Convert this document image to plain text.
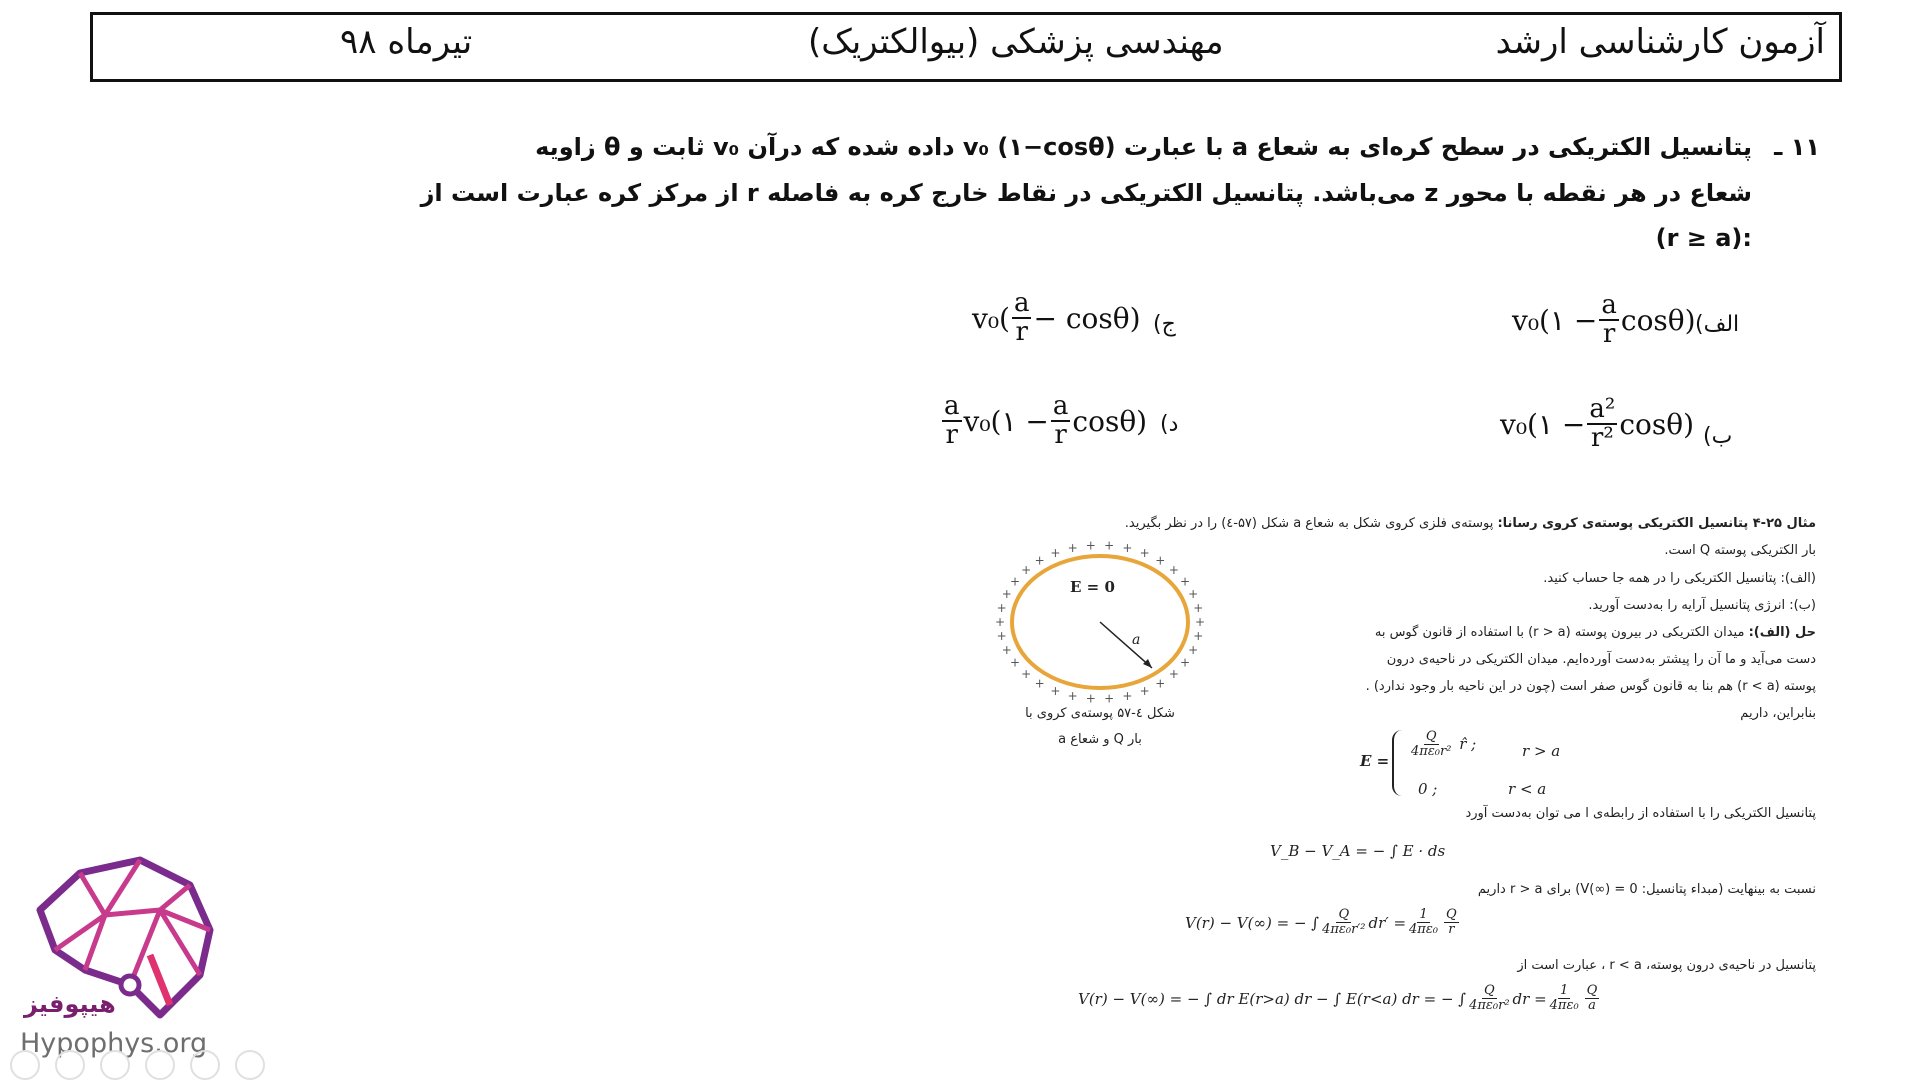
تیرماه ۹۸	مهندسی پزشکی (بیوالکتریک)	آزمون کارشناسی ارشد
۱۱ ـ
پتانسیل الکتریکی در سطح کره‌ای به شعاع a با عبارت (v₀ (۱−cosθ داده شده که درآن v₀ ثابت و θ زاویه
شعاع در هر نقطه با محور z می‌باشد. پتانسیل الکتریکی در نقاط خارج کره به فاصله r از مرکز کره عبارت است از
(r ≥ a):
الف)
v₀(۱ − $\frac{a}{r} \cos\theta$)
ب)
v₀(۱ − $\frac{\text{a²}}{\text{r²}} \cos\theta$)
ج)
$v_0( \frac{a}{r} - \cos\theta)$
د)
$\frac{a}{r}$ v₀(۱ − $\frac{a}{r} \cos\theta$)
مثال ۲۵-۴ پتانسیل الکتریکی پوسته‌ی کروی رسانا: پوسته‌ی فلزی کروی شکل به شعاع a شکل (۵۷-٤) را در نظر بگیرید.
بار الکتریکی پوسته Q است.
(الف): پتانسیل الکتریکی را در همه جا حساب کنید.
(ب): انرژی پتانسیل آرایه را به‌دست آورید.
حل (الف): میدان الکتریکی در بیرون پوسته (r > a) با استفاده از قانون گوس به
دست می‌آید و ما آن را پیشتر به‌دست آورده‌ایم. میدان الکتریکی در ناحیه‌ی درون
پوسته (r < a) هم بنا به قانون گوس صفر است (چون در این ناحیه بار وجود ندارد) .
بنابراین، داریم
E =
$\frac{Q}{\text{4πε₀r²}}$ r̂ ;	r > a
0 ;	r < a
پتانسیل الکتریکی را با استفاده از رابطه‌ی ا می توان به‌دست آورد
V_B − V_A = − ∫ E · ds
نسبت به بینهایت (مبداء پتانسیل: V(∞) = 0) برای r > a داریم
V(r) − V(∞) = − ∫ $\frac{Q}{\text{4πε₀r′²}} dr' = \frac{1}{\text{4πε₀}} \frac{Q}{r}$
پتانسیل در ناحیه‌ی درون پوسته، r < a ، عبارت است از
V(r) − V(∞) = − ∫ dr E(r>a) dr − ∫ E(r<a) dr = − ∫ $\frac{Q}{\text{4πε₀r²}}$ dr = $\frac{1}{\text{4πε₀}} \frac{Q}{a}$
+
+
+
+
+
+
+
+
+
+
+
+
+
+
+
+
+
+
+
+
+
+
+
+ + + + + +
+
+
+
+
+
E = 0
a
شکل ٤-۵۷ پوسته‌ی کروی با
بار Q و شعاع a
هیپوفیز
Hypophys.org
